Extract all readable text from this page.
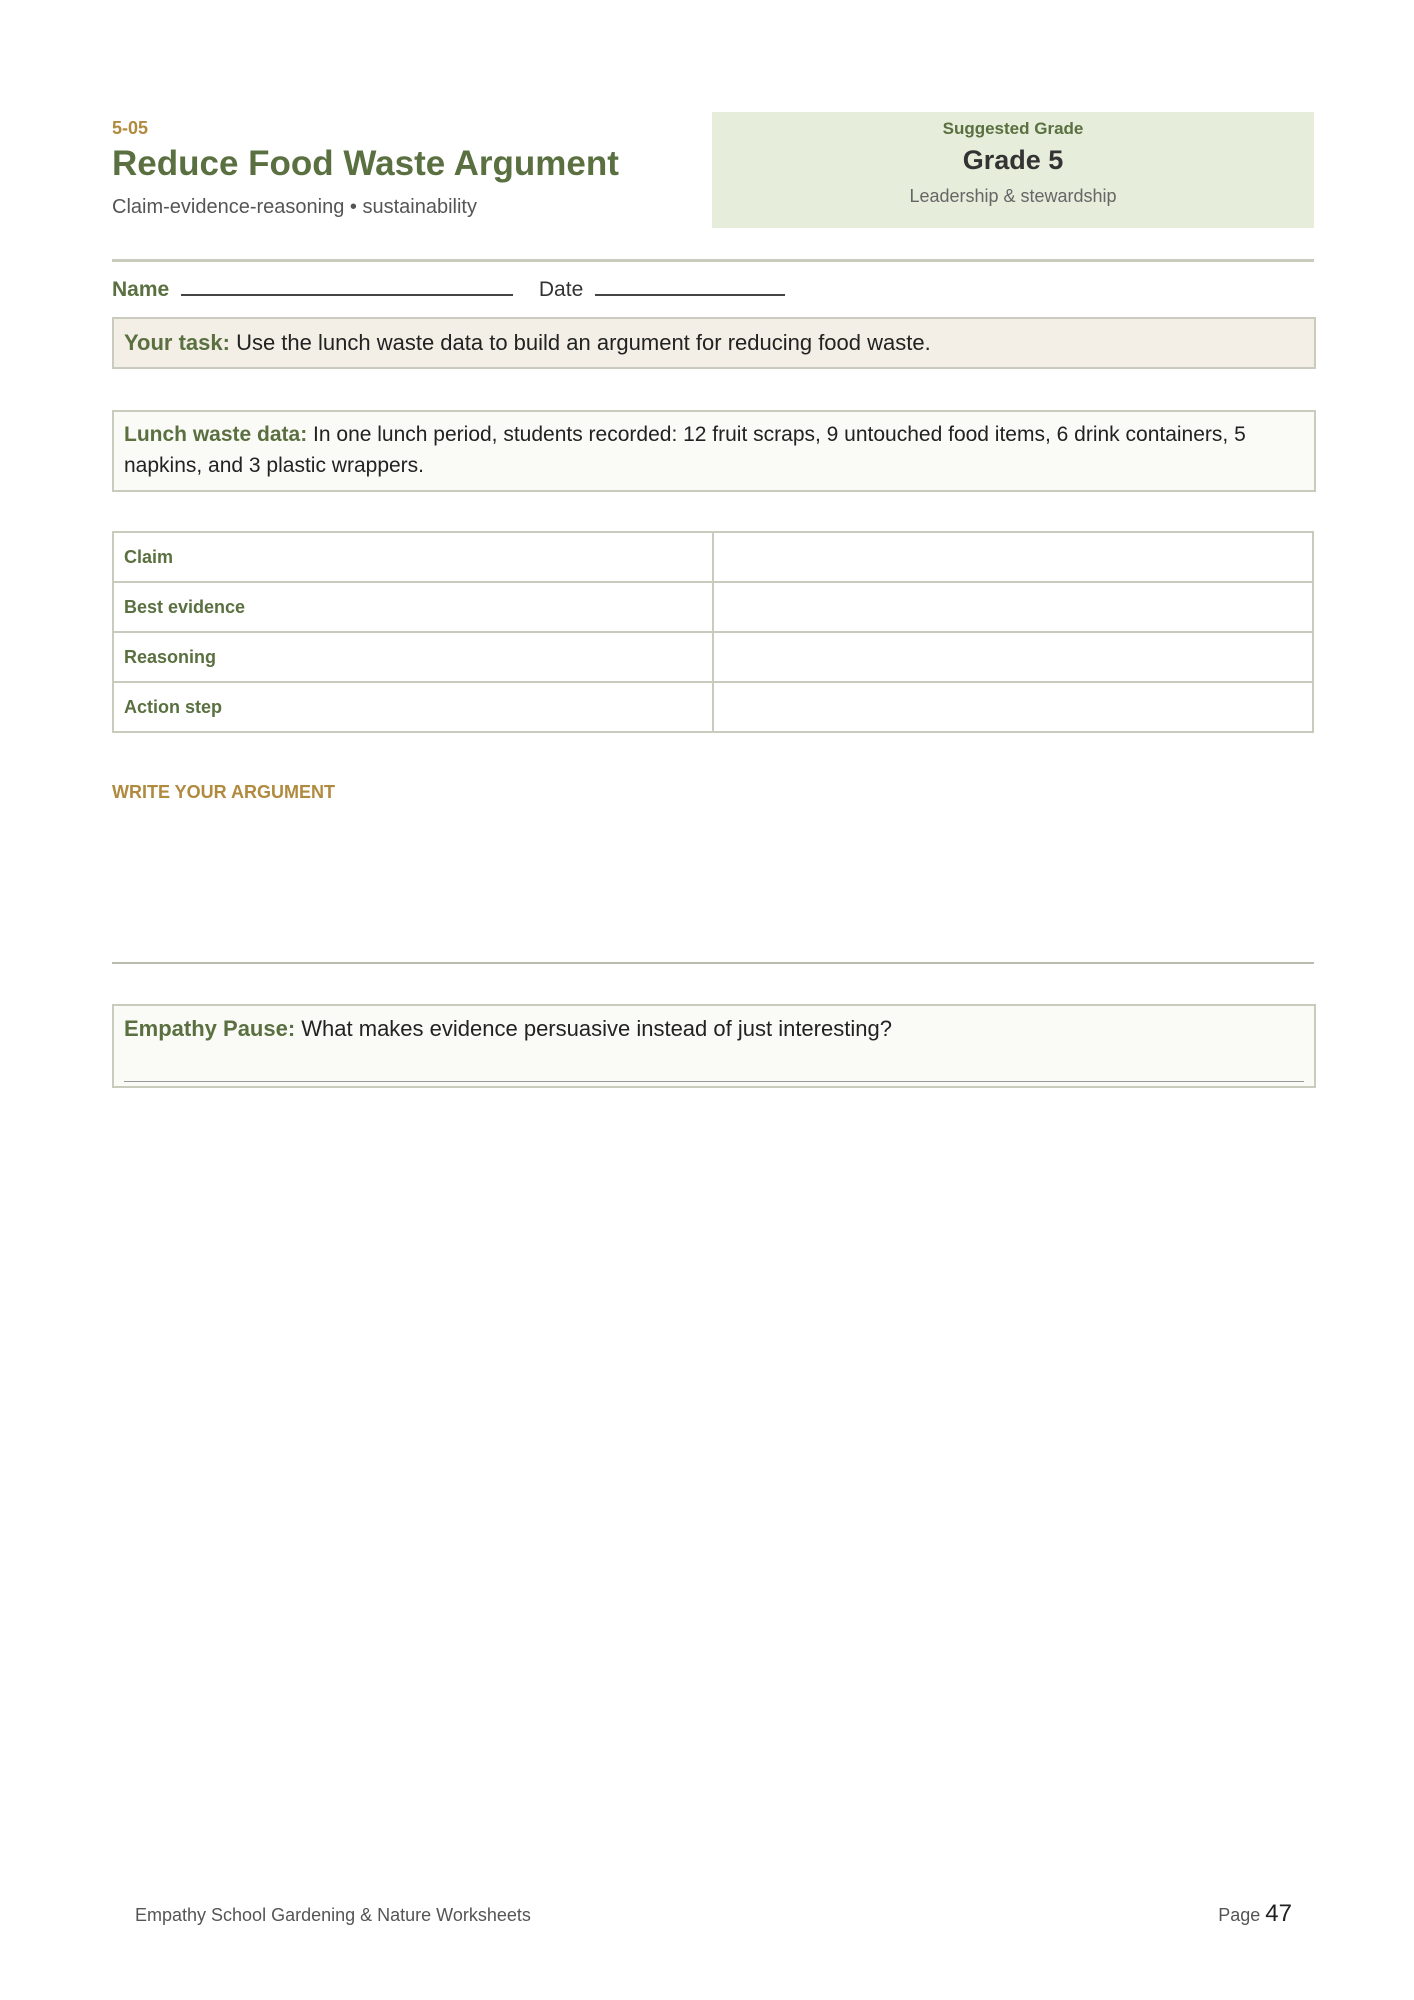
5-05
Reduce Food Waste Argument
Claim-evidence-reasoning • sustainability
Suggested Grade
Grade 5
Leadership & stewardship
Name	Date
Your task: Use the lunch waste data to build an argument for reducing food waste.
Lunch waste data: In one lunch period, students recorded: 12 fruit scraps, 9 untouched food items, 6 drink containers, 5 napkins, and 3 plastic wrappers.
Claim	
Best evidence	
Reasoning	
Action step	
WRITE YOUR ARGUMENT
Empathy Pause: What makes evidence persuasive instead of just interesting?
Empathy School Gardening & Nature Worksheets	Page 47
